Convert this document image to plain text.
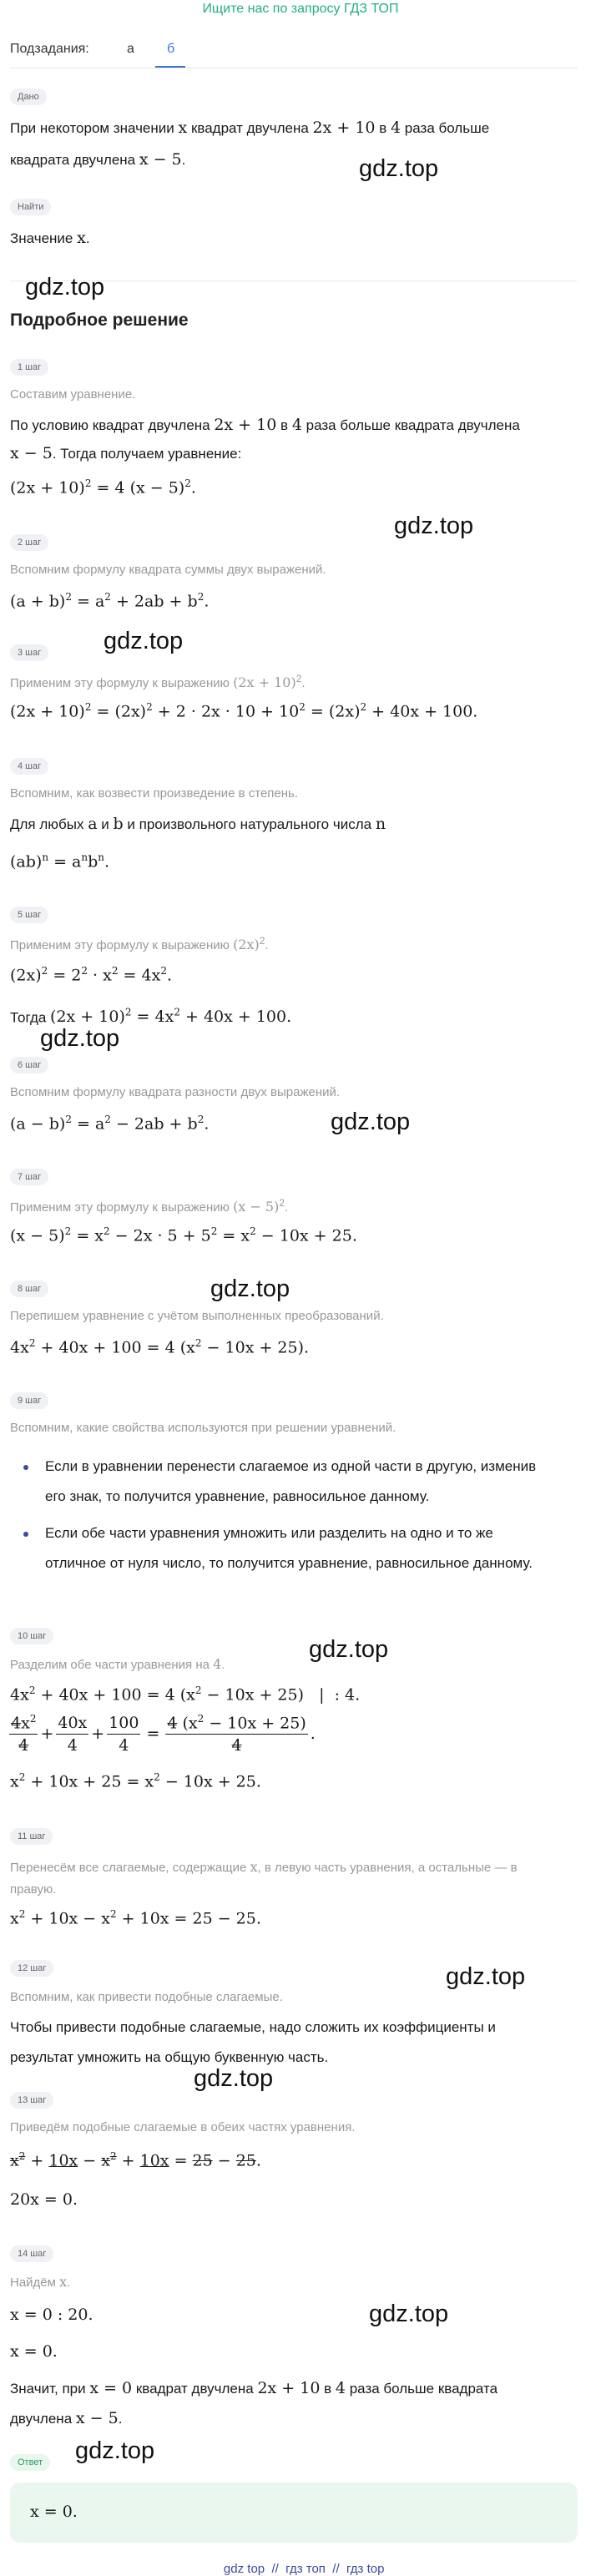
Ищите нас по запросу ГДЗ ТОП
Подзадания:	а б
Дано
При некотором значении x квадрат двучлена 2x + 10 в 4 раза больше
квадрата двучлена x − 5.	gdz.top
Найти
Значение x.
gdz.top
Подробное решение
1 шаг
Составим уравнение.
По условию квадрат двучлена 2x + 10 в 4 раза больше квадрата двучлена
x − 5. Тогда получаем уравнение:
$(2x + 10)^2 = 4$ $(x - 5)^2$.
gdz.top
2 шаг
Вспомним формулу квадрата суммы двух выражений.
$(a + b)^2 = a^2 + 2ab + b^2$.
gdz.top
3 шаг
Применим эту формулу к выражению $(2x + 10)^2$.
$(2x + 10)^2 = (2x)^2 + 2 \cdot 2x \cdot 10 + 10^2 = (2x)^2 + 40x + 100$.
4 шаг
Вспомним, как возвести произведение в степень.
Для любых a и b и произвольного натурального числа n
$(ab)^n = a^nb^n$.
5 шаг
Применим эту формулу к выражению $(2x)^2$.
$(2x)^2 = 2^2 \cdot x^2 = 4x^2$.
Тогда $(2x + 10)^2 = 4x^2 + 40x + 100$.
gdz.top
6 шаг
Вспомним формулу квадрата разности двух выражений.
$(a - b)^2 = a^2 - 2ab + b^2$.	gdz.top
7 шаг
Применим эту формулу к выражению $(x - 5)^2$.
$(x - 5)^2 = x^2 - 2x \cdot 5 + 5^2 = x^2 - 10x + 25$.
gdz.top
8 шаг
Перепишем уравнение с учётом выполненных преобразований.
$4x^2 + 40x + 100 = 4$ $(x^2 - 10x + 25)$.
9 шаг
Вспомним, какие свойства используются при решении уравнений.
Если в уравнении перенести слагаемое из одной части в другую, изменив
его знак, то получится уравнение, равносильное данному.
Если обе части уравнения умножить или разделить на одно и то же
отличное от нуля число, то получится уравнение, равносильное данному.
gdz.top
10 шаг
Разделим обе части уравнения на 4.
$4x^2 + 40x + 100 = 4$ $(x^2 - 10x + 25)$   |  : 4.
$\frac{4x^2}{4} + \frac{40x}{4} + \frac{100}{4} = \frac{4 (x^2 - 10x + 25)}{4}$ .
$x^2 + 10x + 25 = x^2 - 10x + 25$.
11 шаг
Перенесём все слагаемые, содержащие x, в левую часть уравнения, а остальные — в
правую.
$x^2 + 10x - x^2 + 10x = 25 - 25$.
12 шаг	gdz.top
Вспомним, как привести подобные слагаемые.
Чтобы привести подобные слагаемые, надо сложить их коэффициенты и
результат умножить на общую буквенную часть.
gdz.top
13 шаг
Приведём подобные слагаемые в обеих частях уравнения.
$x^2 + 10x - x^2 + 10x = 25 - 25$.
20x = 0.
14 шаг
Найдём x.
x = 0 : 20.	gdz.top
x = 0.
Значит, при x = 0 квадрат двучлена 2x + 10 в 4 раза больше квадрата
двучлена x − 5.
Ответ	gdz.top
x = 0.

gdz top // гдз топ // гдз top
